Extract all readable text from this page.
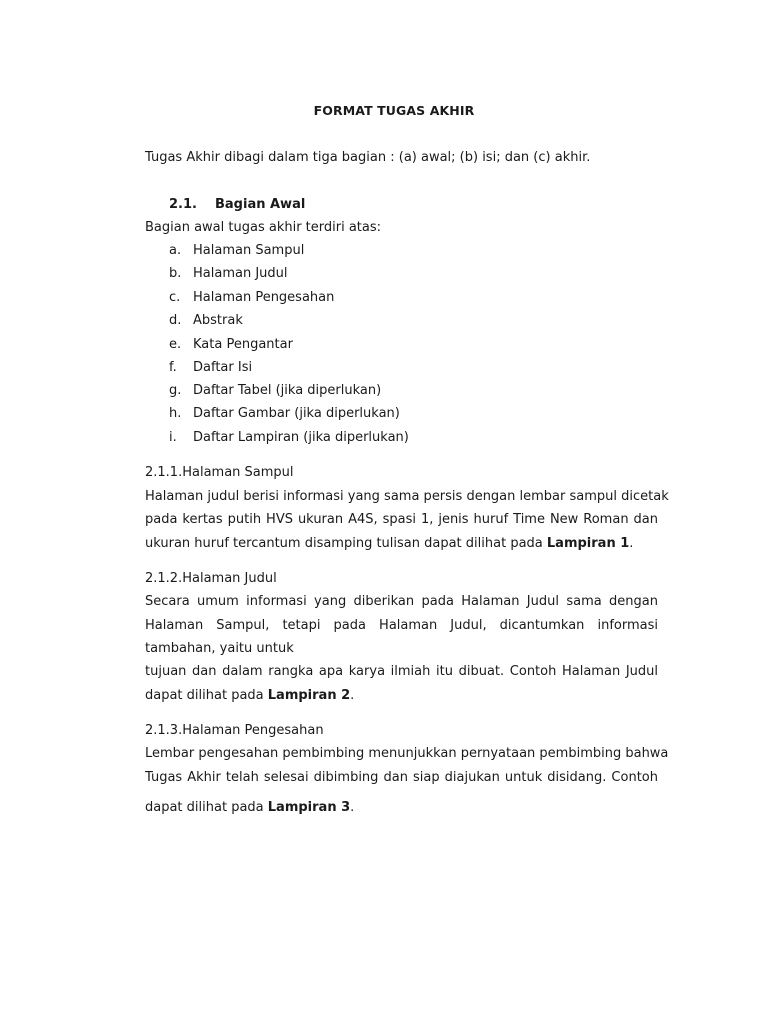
FORMAT TUGAS AKHIR
Tugas Akhir dibagi dalam tiga bagian : (a) awal; (b) isi; dan (c) akhir.
2.1. Bagian Awal
Bagian awal tugas akhir terdiri atas:
a. Halaman Sampul
b. Halaman Judul
c. Halaman Pengesahan
d. Abstrak
e. Kata Pengantar
f. Daftar Isi
g. Daftar Tabel (jika diperlukan)
h. Daftar Gambar (jika diperlukan)
i. Daftar Lampiran (jika diperlukan)
2.1.1.Halaman Sampul
Halaman judul berisi informasi yang sama persis dengan lembar sampul dicetak
pada kertas putih HVS ukuran A4S, spasi 1, jenis huruf Time New Roman dan
ukuran huruf tercantum disamping tulisan dapat dilihat pada Lampiran 1.
2.1.2.Halaman Judul
Secara umum informasi yang diberikan pada Halaman Judul sama dengan
Halaman Sampul, tetapi pada Halaman Judul, dicantumkan informasi
tambahan, yaitu untuk
tujuan dan dalam rangka apa karya ilmiah itu dibuat. Contoh Halaman Judul
dapat dilihat pada Lampiran 2.
2.1.3.Halaman Pengesahan
Lembar pengesahan pembimbing menunjukkan pernyataan pembimbing bahwa
Tugas Akhir telah selesai dibimbing dan siap diajukan untuk disidang. Contoh
dapat dilihat pada Lampiran 3.
